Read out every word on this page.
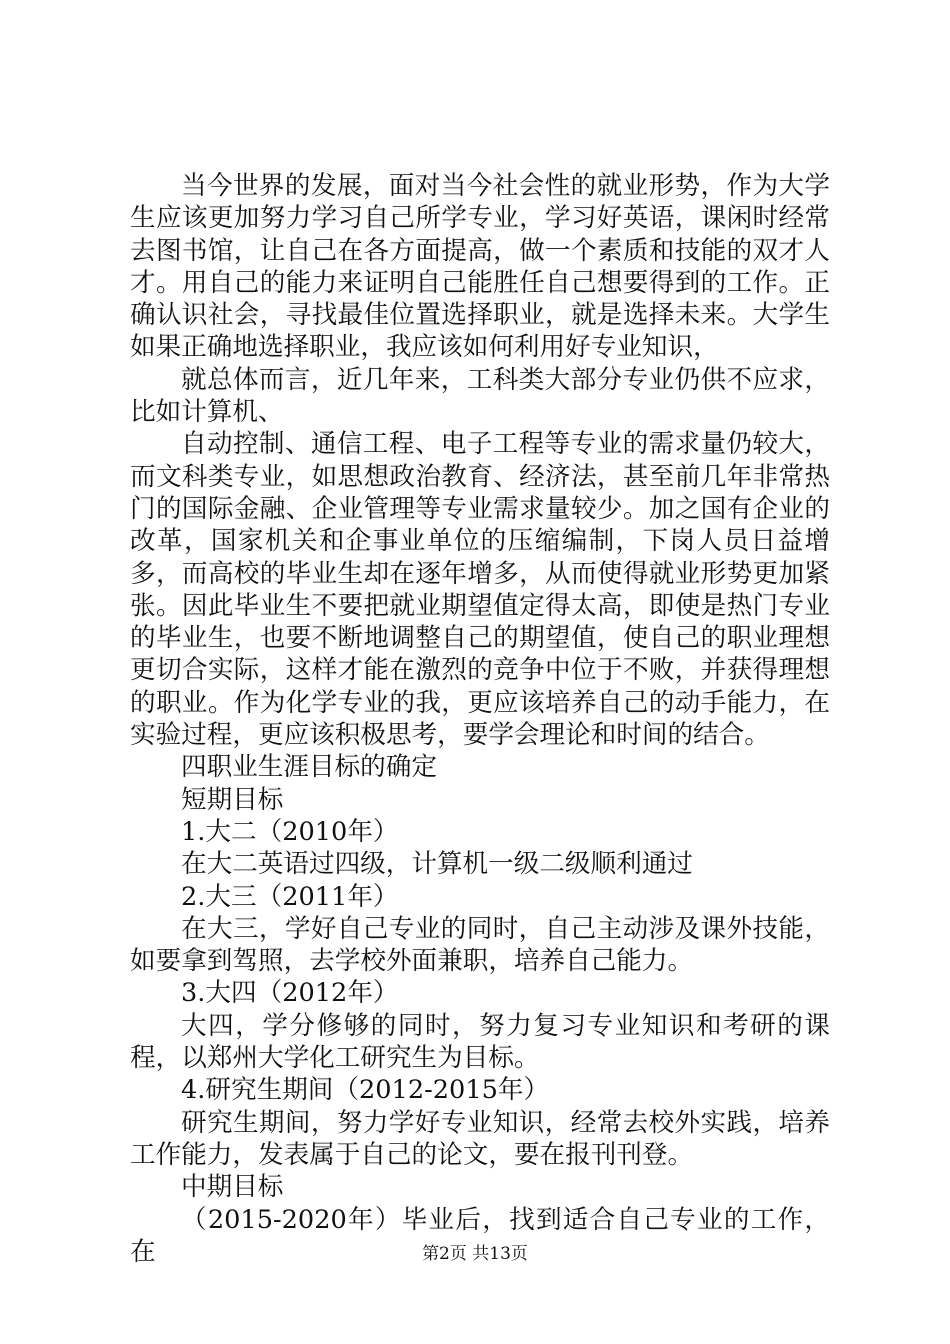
当今世界的发展，面对当今社会性的就业形势，作为大学生应该更加努力学习自己所学专业，学习好英语，课闲时经常去图书馆，让自己在各方面提高，做一个素质和技能的双才人才。用自己的能力来证明自己能胜任自己想要得到的工作。正确认识社会，寻找最佳位置选择职业，就是选择未来。大学生如果正确地选择职业，我应该如何利用好专业知识，

就总体而言，近几年来，工科类大部分专业仍供不应求，比如计算机、

自动控制、通信工程、电子工程等专业的需求量仍较大，而文科类专业，如思想政治教育、经济法，甚至前几年非常热门的国际金融、企业管理等专业需求量较少。加之国有企业的改革，国家机关和企事业单位的压缩编制，下岗人员日益增多，而高校的毕业生却在逐年增多，从而使得就业形势更加紧张。因此毕业生不要把就业期望值定得太高，即使是热门专业的毕业生，也要不断地调整自己的期望值，使自己的职业理想更切合实际，这样才能在激烈的竞争中位于不败，并获得理想的职业。作为化学专业的我，更应该培养自己的动手能力，在实验过程，更应该积极思考，要学会理论和时间的结合。

四职业生涯目标的确定

短期目标

1.大二（2010年）

在大二英语过四级，计算机一级二级顺利通过

2.大三（2011年）

在大三，学好自己专业的同时，自己主动涉及课外技能，如要拿到驾照，去学校外面兼职，培养自己能力。

3.大四（2012年）

大四，学分修够的同时，努力复习专业知识和考研的课程，以郑州大学化工研究生为目标。

4.研究生期间（2012-2015年）

研究生期间，努力学好专业知识，经常去校外实践，培养工作能力，发表属于自己的论文，要在报刊刊登。

中期目标

（2015-2020年）毕业后，找到适合自己专业的工作，在	第2页 共13页
